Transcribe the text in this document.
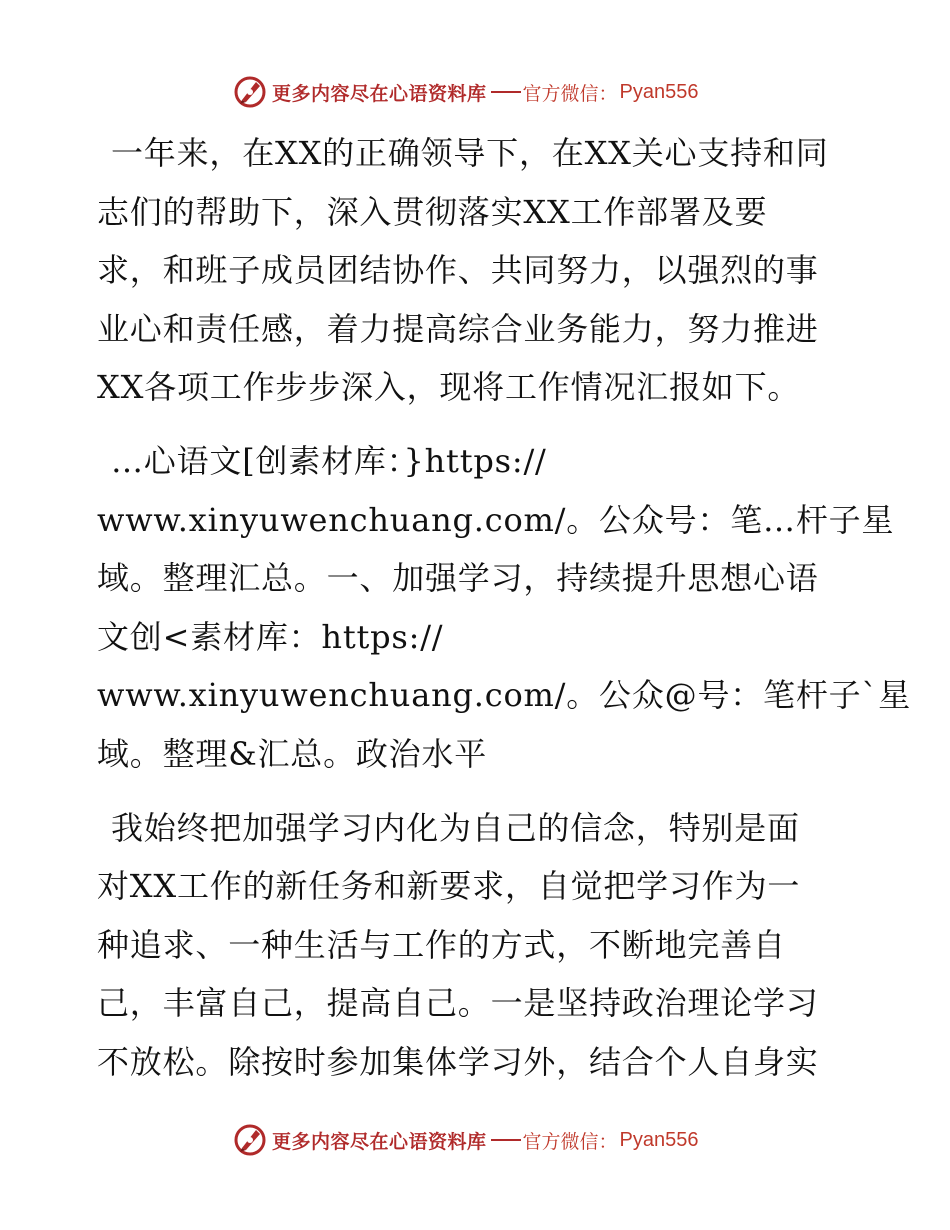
更多内容尽在心语资料库 官方微信： Pyan556
一年来，在XX的正确领导下，在XX关心支持和同
志们的帮助下，深入贯彻落实XX工作部署及要
求，和班子成员团结协作、共同努力，以强烈的事
业心和责任感，着力提高综合业务能力，努力推进
XX各项工作步步深入，现将工作情况汇报如下。
…心语文[创素材库：}https://
www.xinyuwenchuang.com/。公众号：笔…杆子星
域。整理汇总。一、加强学习，持续提升思想心语
文创<素材库：https://
www.xinyuwenchuang.com/。公众@号：笔杆子`星
域。整理&汇总。政治水平
我始终把加强学习内化为自己的信念，特别是面
对XX工作的新任务和新要求，自觉把学习作为一
种追求、一种生活与工作的方式，不断地完善自
己，丰富自己，提高自己。一是坚持政治理论学习
不放松。除按时参加集体学习外，结合个人自身实
更多内容尽在心语资料库 官方微信： Pyan556
